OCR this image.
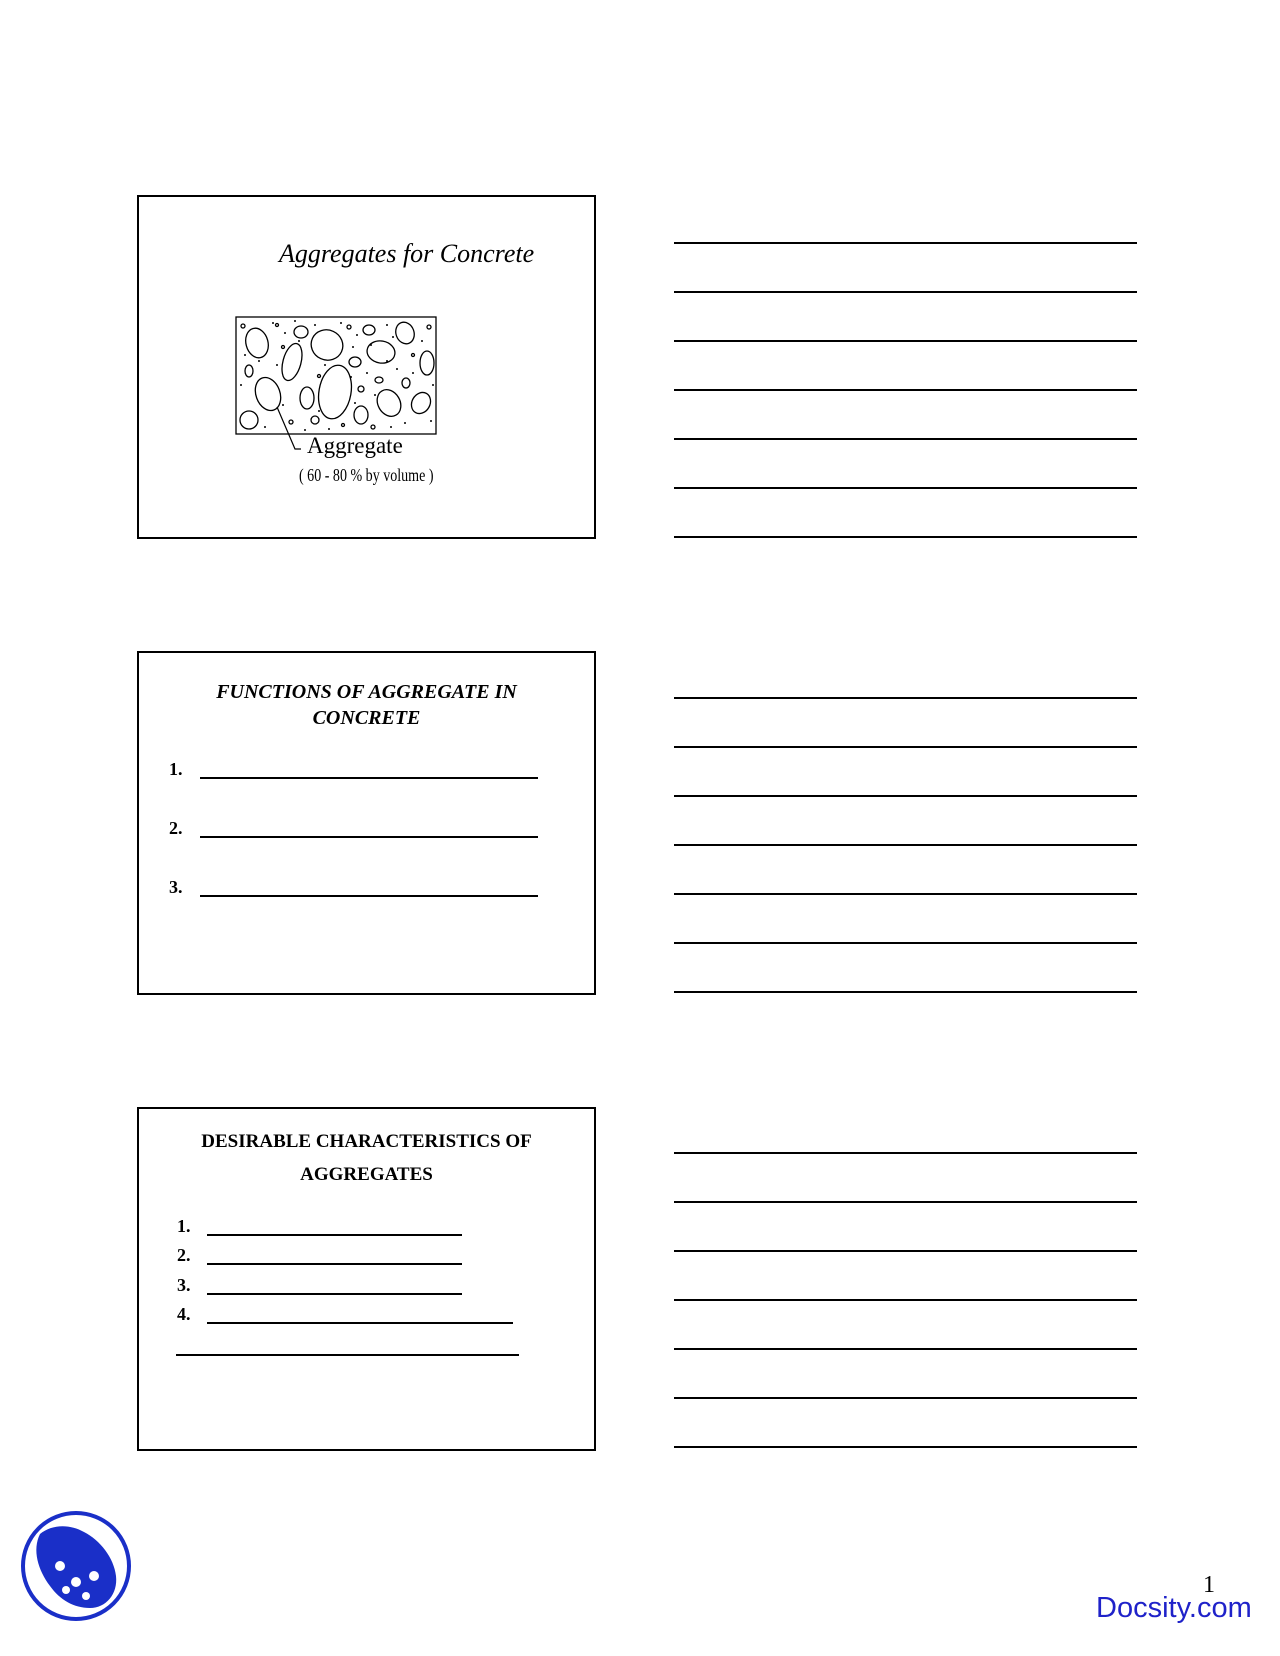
Aggregates for Concrete

Aggregate

( 60 - 80 % by volume )

FUNCTIONS OF AGGREGATE IN
CONCRETE
1.
2.
3.
DESIRABLE CHARACTERISTICS OF
AGGREGATES
1.
2.
3.
4.

1

Docsity.com
